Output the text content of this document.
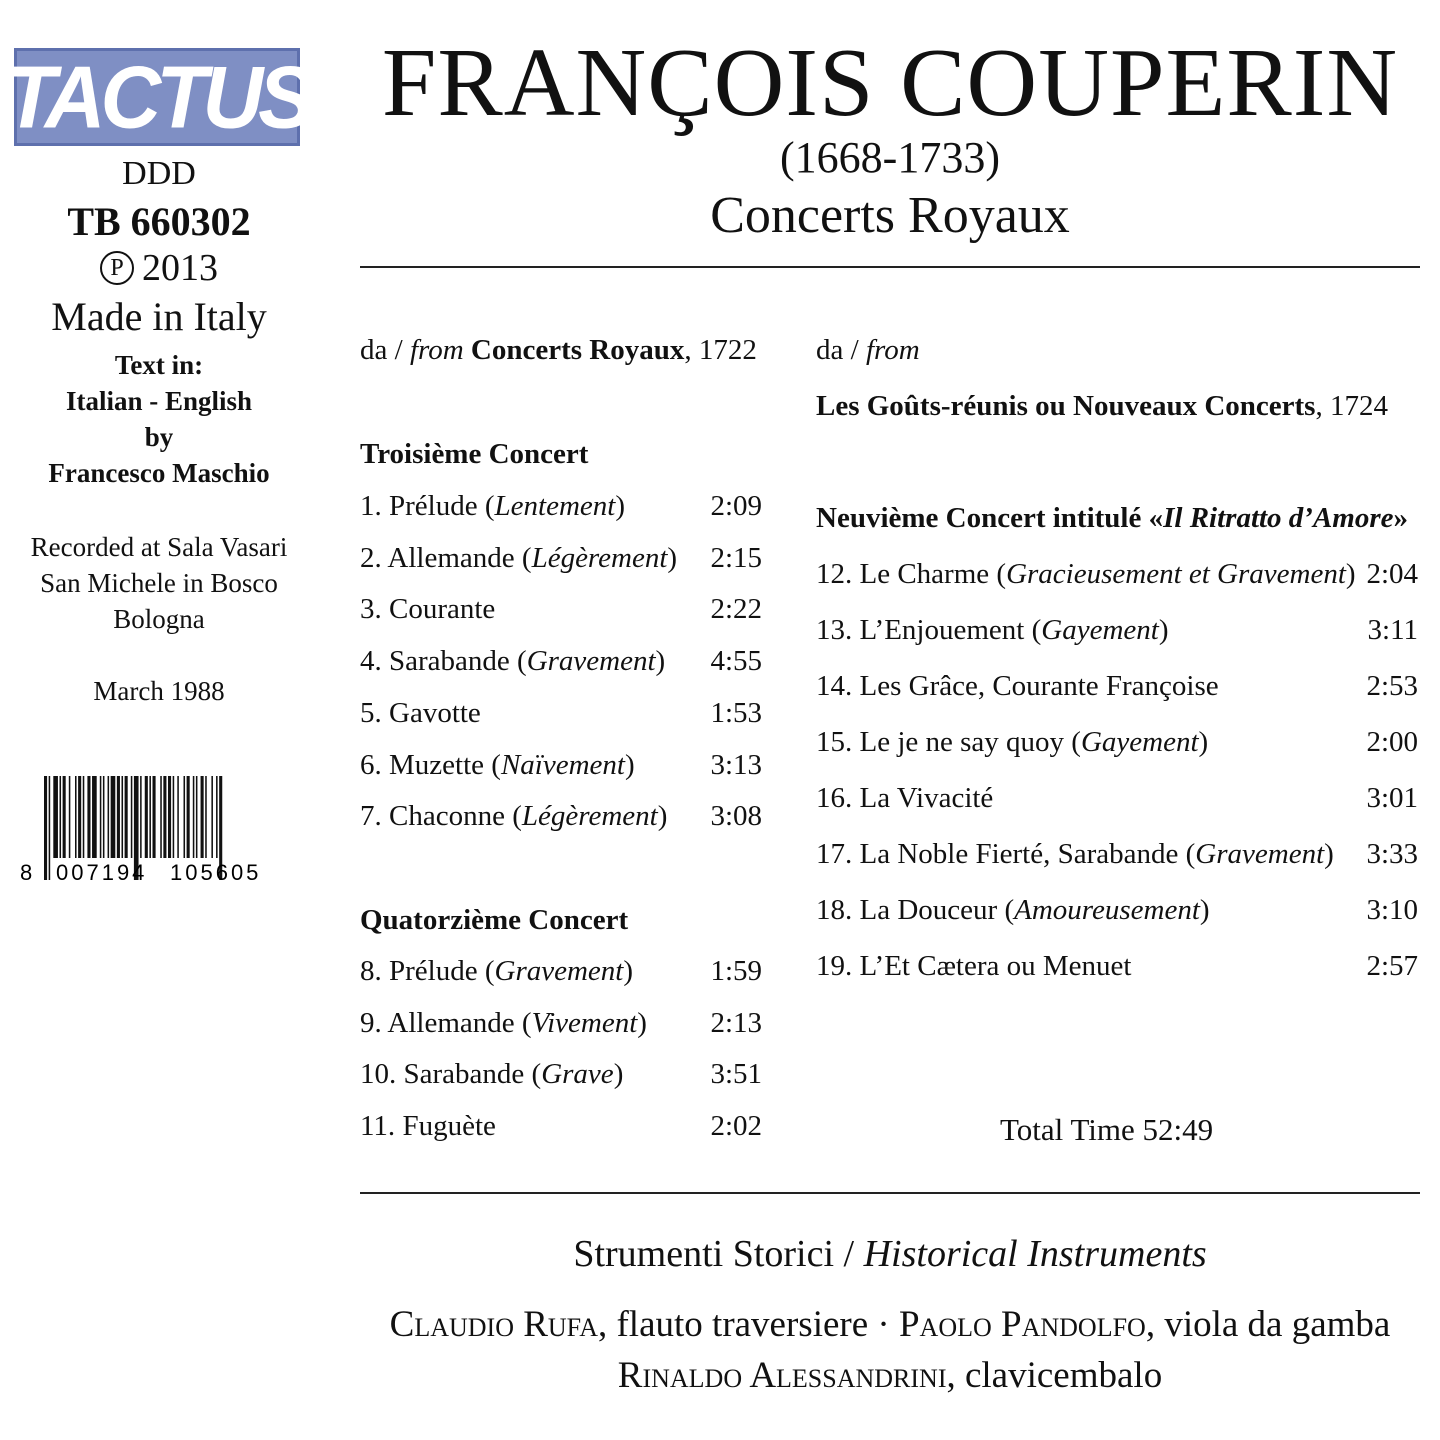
TACTUS
DDD
TB 660302
P 2013
Made in Italy
Text in:
Italian - English
by
Francesco Maschio
Recorded at Sala Vasari
San Michele in Bosco
Bologna
March 1988
8 007194 105605
FRANÇOIS COUPERIN
(1668-1733)
Concerts Royaux
da / from Concerts Royaux, 1722 da / from
Les Goûts-réunis ou Nouveaux Concerts, 1724
Troisième Concert
Quatorzième Concert
Neuvième Concert intitulé «Il Ritratto d’Amore»
1. Prélude (Lentement)	2:09
2. Allemande (Légèrement)	2:15
3. Courante	2:22
4. Sarabande (Gravement)	4:55
5. Gavotte	1:53
6. Muzette (Naïvement)	3:13
7. Chaconne (Légèrement)	3:08
8. Prélude (Gravement)	1:59
9. Allemande (Vivement)	2:13
10. Sarabande (Grave)	3:51
11. Fuguète	2:02
12. Le Charme (Gracieusement et Gravement) 2:04
13. L’Enjouement (Gayement)	3:11
14. Les Grâce, Courante Françoise	2:53
15. Le je ne say quoy (Gayement)	2:00
16. La Vivacité	3:01
17. La Noble Fierté, Sarabande (Gravement)	3:33
18. La Douceur (Amoureusement)	3:10
19. L’Et Cætera ou Menuet	2:57
Total Time 52:49
Strumenti Storici / Historical Instruments
Claudio Rufa, flauto traversiere · Paolo Pandolfo, viola da gamba
Rinaldo Alessandrini, clavicembalo
